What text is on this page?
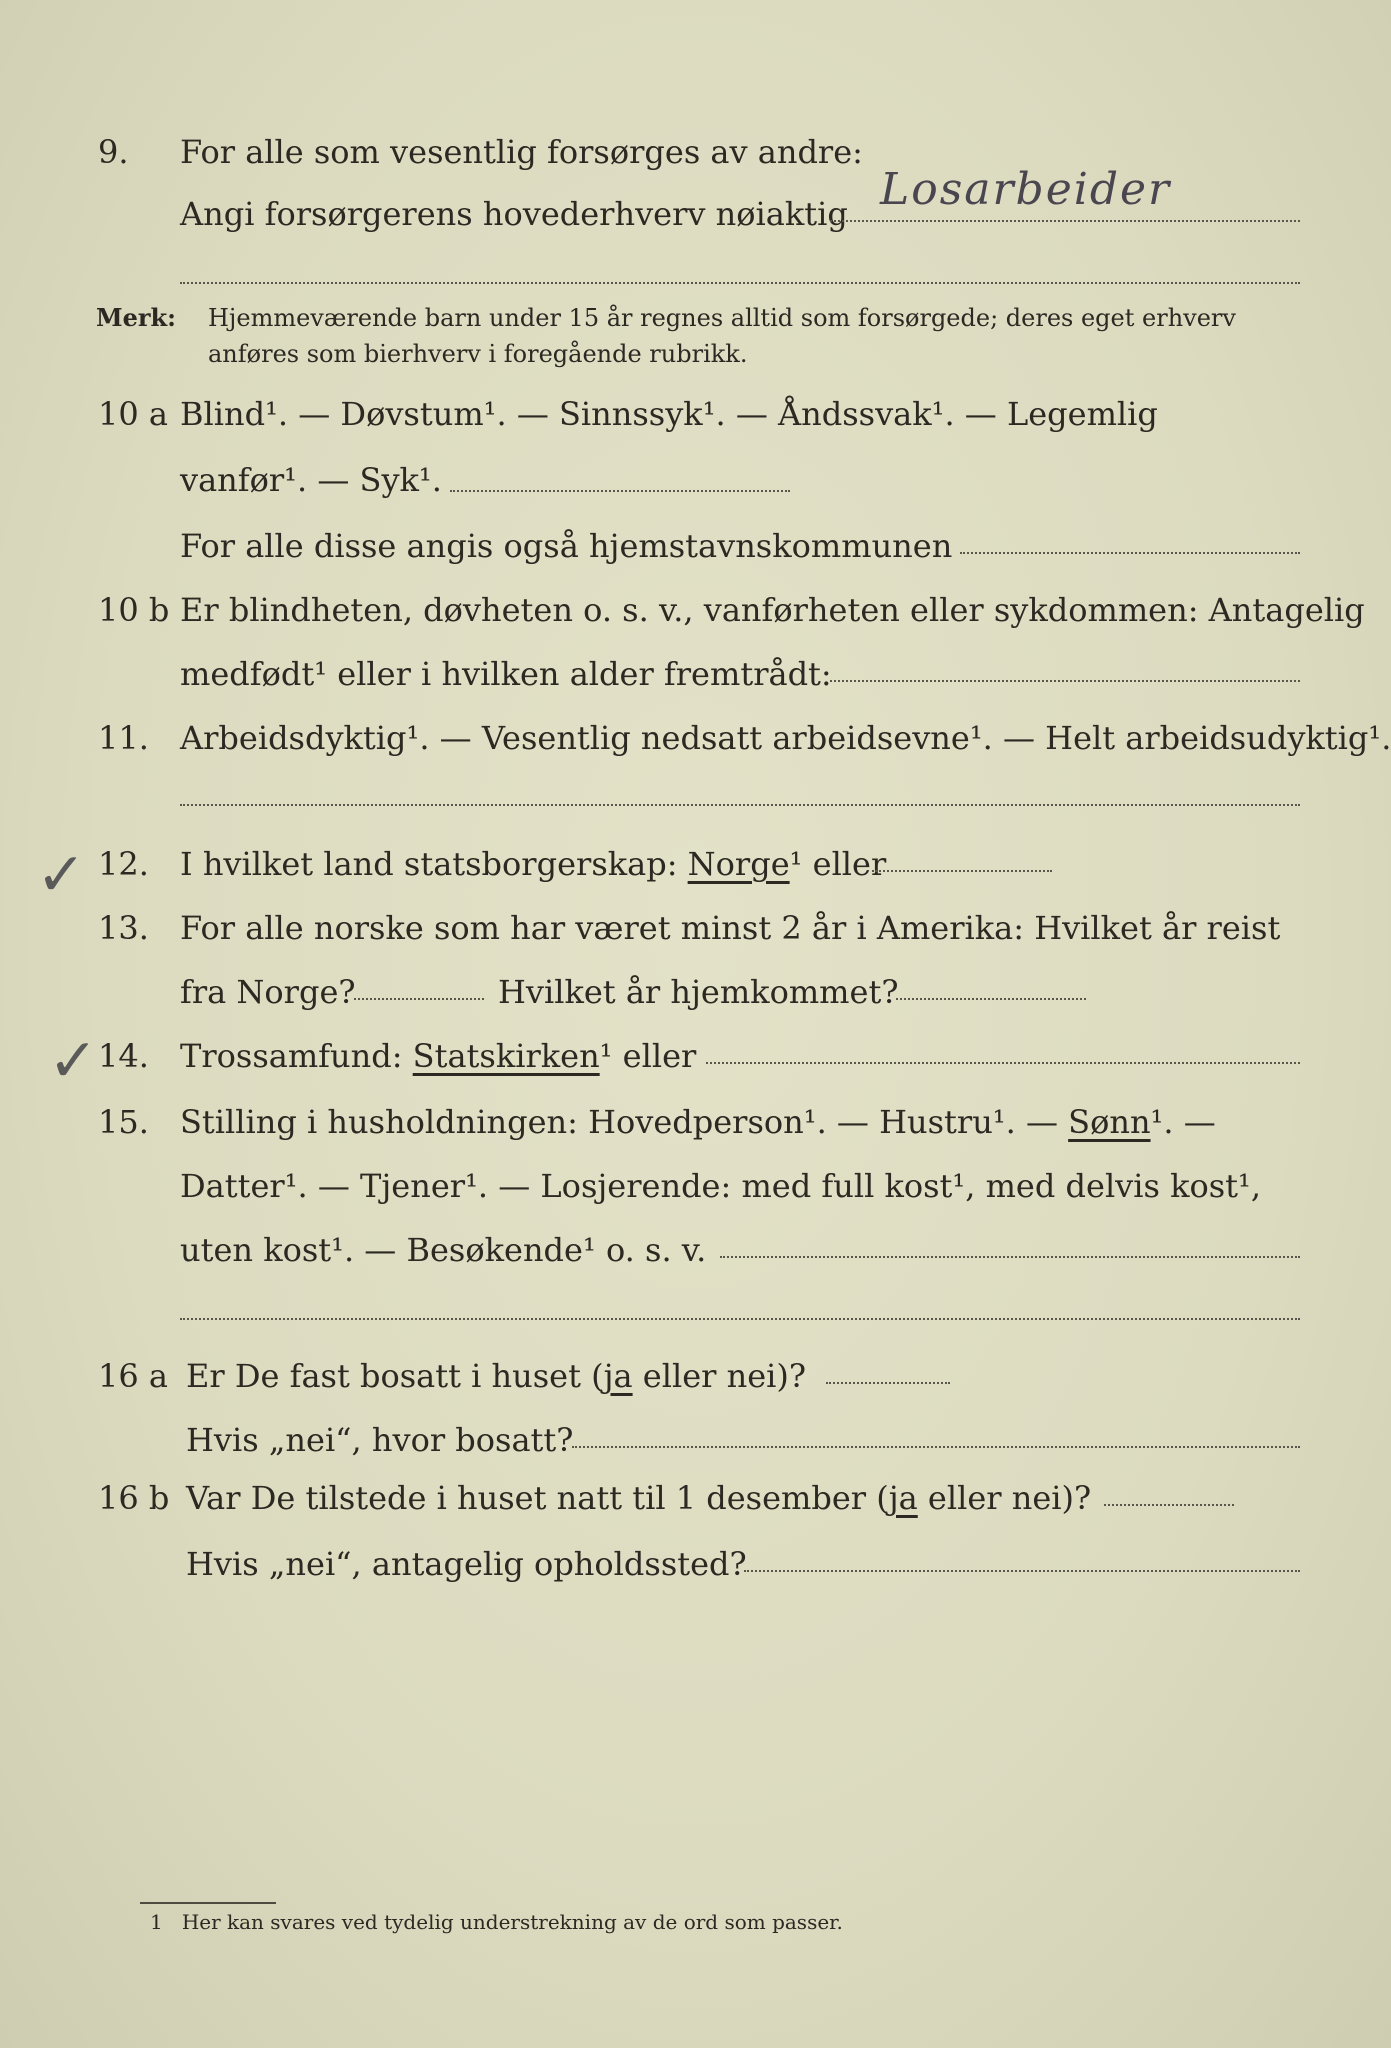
9. For alle som vesentlig forsørges av andre:
Angi forsørgerens hovederhverv nøiaktig Losarbeider
Merk: Hjemmeværende barn under 15 år regnes alltid som forsørgede; deres eget erhverv
anføres som bierhverv i foregående rubrikk.
10 a Blind¹. — Døvstum¹. — Sinnssyk¹. — Åndssvak¹. — Legemlig
vanfør¹. — Syk¹.
For alle disse angis også hjemstavnskommunen
10 b Er blindheten, døvheten o. s. v., vanførheten eller sykdommen: Antagelig
medfødt¹ eller i hvilken alder fremtrådt:
11. Arbeidsdyktig¹. — Vesentlig nedsatt arbeidsevne¹. — Helt arbeidsudyktig¹.
✓ 12. I hvilket land statsborgerskap: Norge¹ eller
13. For alle norske som har været minst 2 år i Amerika: Hvilket år reist
fra Norge?	Hvilket år hjemkommet?
✓ 14. Trossamfund: Statskirken¹ eller
15. Stilling i husholdningen: Hovedperson¹. — Hustru¹. — Sønn¹. —
Datter¹. — Tjener¹. — Losjerende: med full kost¹, med delvis kost¹,
uten kost¹. — Besøkende¹ o. s. v.
16 a Er De fast bosatt i huset (ja eller nei)?
Hvis „nei“, hvor bosatt?
16 b Var De tilstede i huset natt til 1 desember (ja eller nei)?
Hvis „nei“, antagelig opholdssted?
1 Her kan svares ved tydelig understrekning av de ord som passer.
